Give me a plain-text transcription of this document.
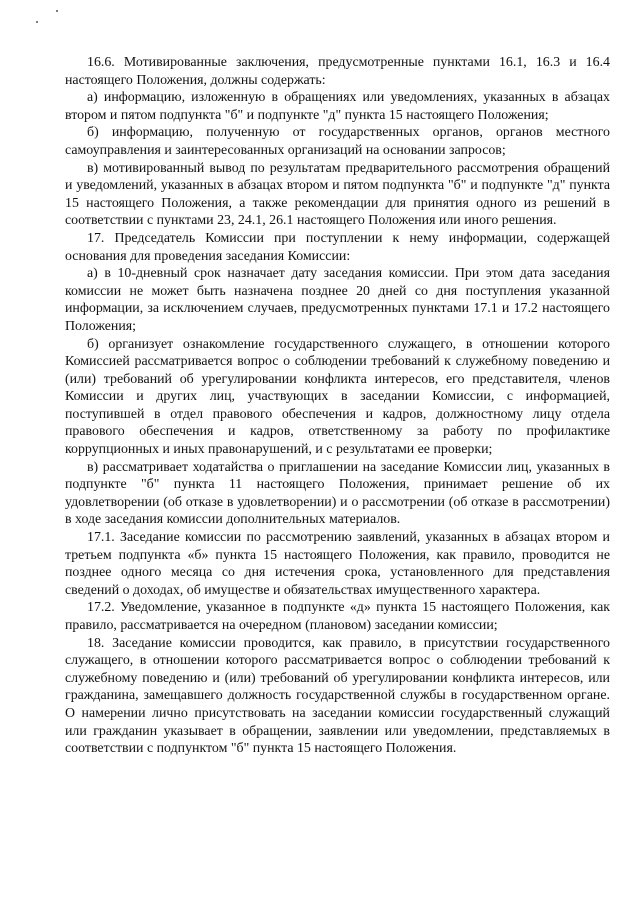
16.6. Мотивированные заключения, предусмотренные пунктами 16.1, 16.3 и 16.4 настоящего Положения, должны содержать:

а) информацию, изложенную в обращениях или уведомлениях, указанных в абзацах втором и пятом подпункта "б" и подпункте "д" пункта 15 настоящего Положения;

б) информацию, полученную от государственных органов, органов местного самоуправления и заинтересованных организаций на основании запросов;

в) мотивированный вывод по результатам предварительного рассмотрения обращений и уведомлений, указанных в абзацах втором и пятом подпункта "б" и подпункте "д" пункта 15 настоящего Положения, а также рекомендации для принятия одного из решений в соответствии с пунктами 23, 24.1, 26.1 настоящего Положения или иного решения.

17. Председатель Комиссии при поступлении к нему информации, содержащей основания для проведения заседания Комиссии:

а) в 10-дневный срок назначает дату заседания комиссии. При этом дата заседания комиссии не может быть назначена позднее 20 дней со дня поступления указанной информации, за исключением случаев, предусмотренных пунктами 17.1 и 17.2 настоящего Положения;

б) организует ознакомление государственного служащего, в отношении которого Комиссией рассматривается вопрос о соблюдении требований к служебному поведению и (или) требований об урегулировании конфликта интересов, его представителя, членов Комиссии и других лиц, участвующих в заседании Комиссии, с информацией, поступившей в отдел правового обеспечения и кадров, должностному лицу отдела правового обеспечения и кадров, ответственному за работу по профилактике коррупционных и иных правонарушений, и с результатами ее проверки;

в) рассматривает ходатайства о приглашении на заседание Комиссии лиц, указанных в подпункте "б" пункта 11 настоящего Положения, принимает решение об их удовлетворении (об отказе в удовлетворении) и о рассмотрении (об отказе в рассмотрении) в ходе заседания комиссии дополнительных материалов.

17.1. Заседание комиссии по рассмотрению заявлений, указанных в абзацах втором и третьем подпункта «б» пункта 15 настоящего Положения, как правило, проводится не позднее одного месяца со дня истечения срока, установленного для представления сведений о доходах, об имуществе и обязательствах имущественного характера.

17.2. Уведомление, указанное в подпункте «д» пункта 15 настоящего Положения, как правило, рассматривается на очередном (плановом) заседании комиссии;

18. Заседание комиссии проводится, как правило, в присутствии государственного служащего, в отношении которого рассматривается вопрос о соблюдении требований к служебному поведению и (или) требований об урегулировании конфликта интересов, или гражданина, замещавшего должность государственной службы в государственном органе. О намерении лично присутствовать на заседании комиссии государственный служащий или гражданин указывает в обращении, заявлении или уведомлении, представляемых в соответствии с подпунктом "б" пункта 15 настоящего Положения.
